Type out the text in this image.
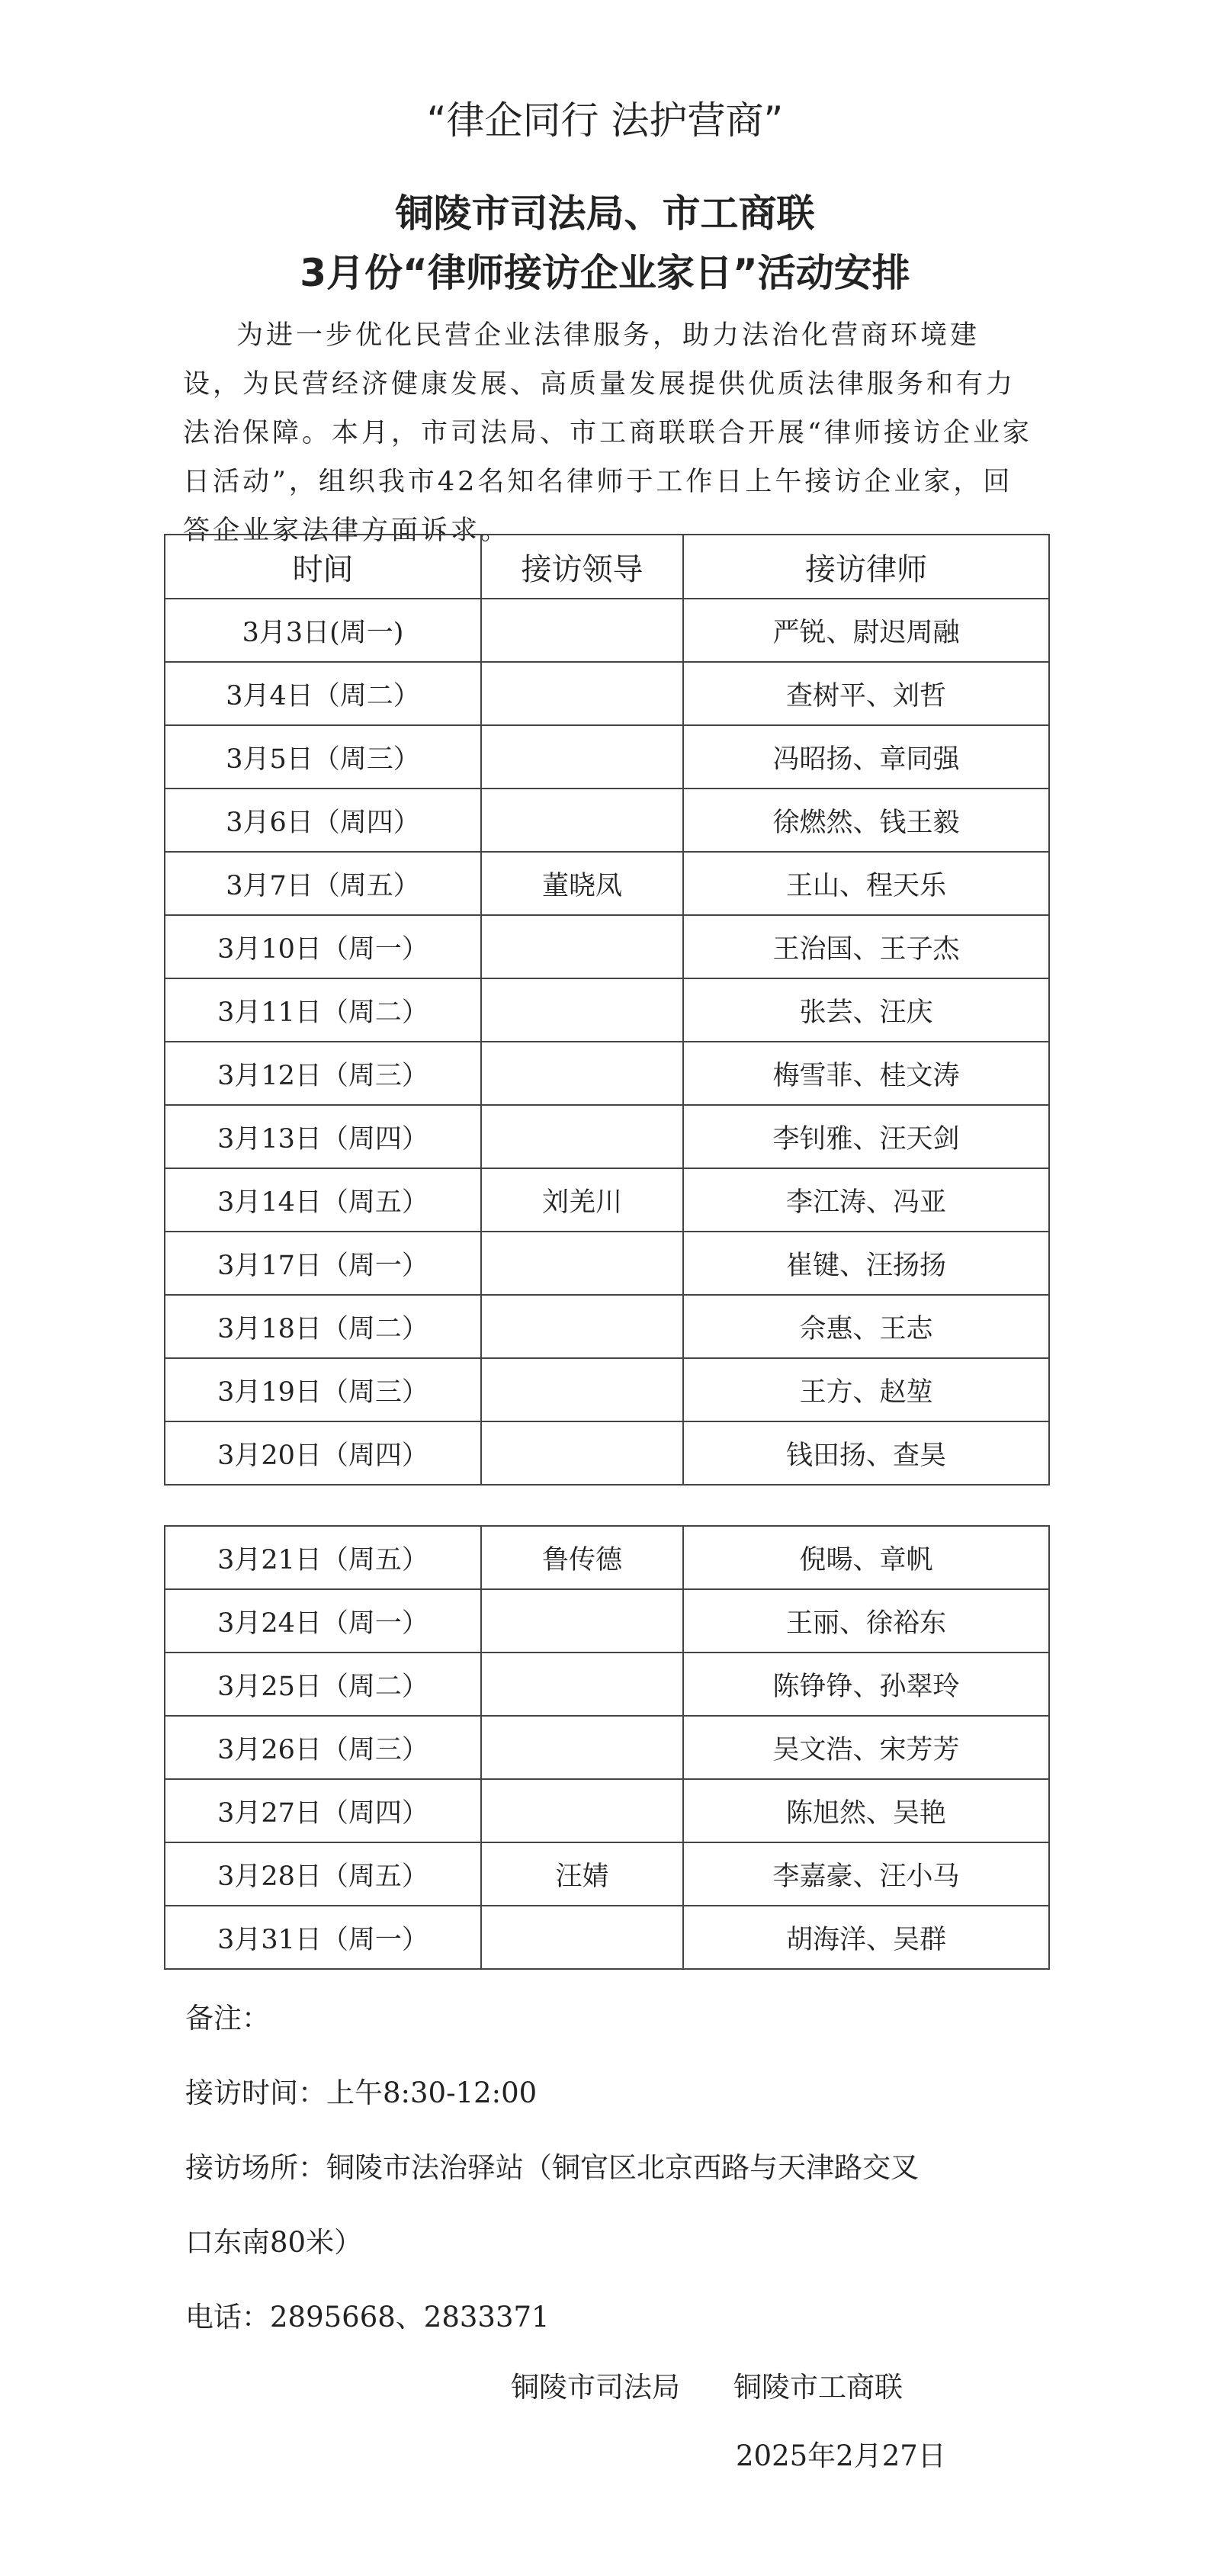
“律企同行 法护营商”
铜陵市司法局、市工商联
3月份“律师接访企业家日”活动安排

为进一步优化民营企业法律服务，助力法治化营商环境建设，为民营经济健康发展、高质量发展提供优质法律服务和有力法治保障。本月，市司法局、市工商联联合开展“律师接访企业家日活动”，组织我市42名知名律师于工作日上午接访企业家，回答企业家法律方面诉求。

时间	接访领导	接访律师
3月3日(周一)		严锐、尉迟周融
3月4日（周二）		查树平、刘哲
3月5日（周三）		冯昭扬、章同强
3月6日（周四）		徐燃然、钱王毅
3月7日（周五）	董晓凤	王山、程天乐
3月10日（周一）		王治国、王子杰
3月11日（周二）		张芸、汪庆
3月12日（周三）		梅雪菲、桂文涛
3月13日（周四）		李钊雅、汪天剑
3月14日（周五）	刘羌川	李江涛、冯亚
3月17日（周一）		崔键、汪扬扬
3月18日（周二）		佘惠、王志
3月19日（周三）		王方、赵堃
3月20日（周四）		钱田扬、查昊
3月21日（周五）	鲁传德	倪暘、章帆
3月24日（周一）		王丽、徐裕东
3月25日（周二）		陈铮铮、孙翠玲
3月26日（周三）		吴文浩、宋芳芳
3月27日（周四）		陈旭然、吴艳
3月28日（周五）	汪婧	李嘉豪、汪小马
3月31日（周一）		胡海洋、吴群
备注：
接访时间：上午8:30-12:00
接访场所：铜陵市法治驿站（铜官区北京西路与天津路交叉
口东南80米）
电话：2895668、2833371
铜陵市司法局 铜陵市工商联
2025年2月27日
